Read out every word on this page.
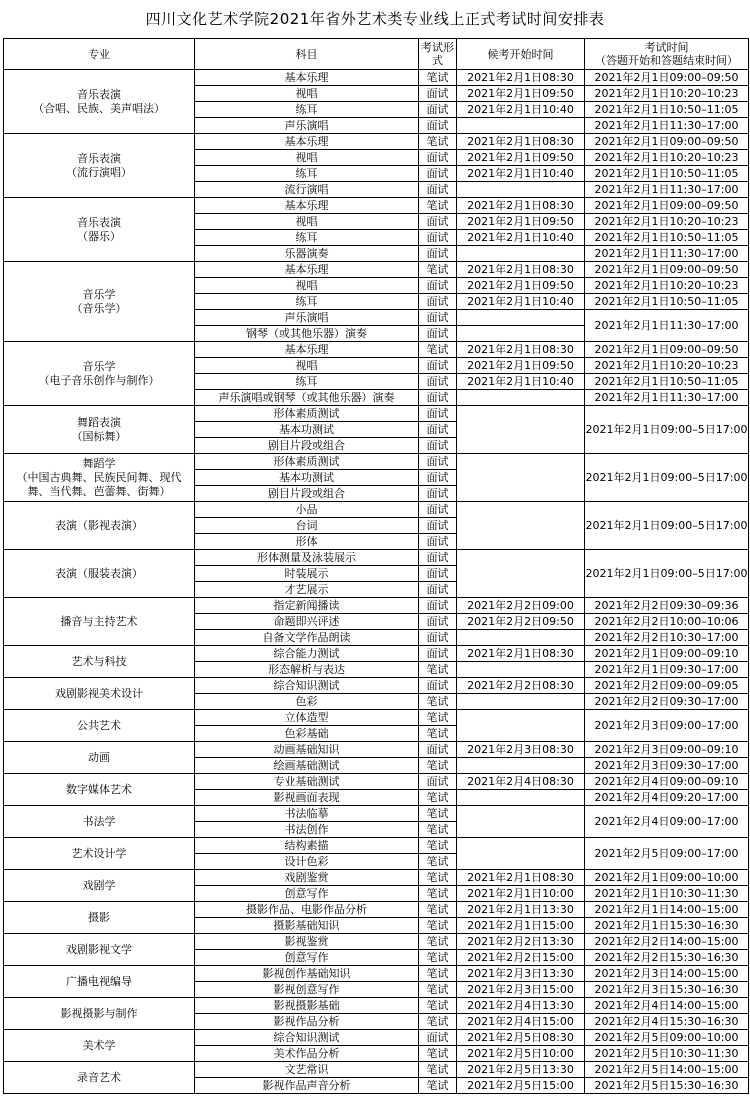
四川文化艺术学院2021年省外艺术类专业线上正式考试时间安排表
专业	科目	考试形式	候考开始时间	考试时间
（答题开始和答题结束时间）

音乐表演
（合唱、民族、美声唱法）	基本乐理	笔试	2021年2月1日08:30	2021年2月1日09:00–09:50
	视唱	面试	2021年2月1日09:50	2021年2月1日10:20–10:23
	练耳	面试	2021年2月1日10:40	2021年2月1日10:50–11:05
	声乐演唱	面试		2021年2月1日11:30–17:00

音乐表演
（流行演唱）	基本乐理	笔试	2021年2月1日08:30	2021年2月1日09:00–09:50
	视唱	面试	2021年2月1日09:50	2021年2月1日10:20–10:23
	练耳	面试	2021年2月1日10:40	2021年2月1日10:50–11:05
	流行演唱	面试		2021年2月1日11:30–17:00

音乐表演
（器乐）	基本乐理	笔试	2021年2月1日08:30	2021年2月1日09:00–09:50
	视唱	面试	2021年2月1日09:50	2021年2月1日10:20–10:23
	练耳	面试	2021年2月1日10:40	2021年2月1日10:50–11:05
	乐器演奏	面试		2021年2月1日11:30–17:00

音乐学
（音乐学）	基本乐理	笔试	2021年2月1日08:30	2021年2月1日09:00–09:50
	视唱	面试	2021年2月1日09:50	2021年2月1日10:20–10:23
	练耳	面试	2021年2月1日10:40	2021年2月1日10:50–11:05
	声乐演唱	面试		2021年2月1日11:30–17:00
	钢琴（或其他乐器）演奏	面试		

音乐学
（电子音乐创作与制作）	基本乐理	笔试	2021年2月1日08:30	2021年2月1日09:00–09:50
	视唱	面试	2021年2月1日09:50	2021年2月1日10:20–10:23
	练耳	面试	2021年2月1日10:40	2021年2月1日10:50–11:05
	声乐演唱或钢琴（或其他乐器）演奏	面试		2021年2月1日11:30–17:00

舞蹈表演
（国标舞）	形体素质测试	面试		2021年2月1日09:00–5日17:00
	基本功测试	面试		
	剧目片段或组合	面试		

舞蹈学
（中国古典舞、民族民间舞、现代
舞、当代舞、芭蕾舞、街舞）	形体素质测试	面试		2021年2月1日09:00–5日17:00
	基本功测试	面试		
	剧目片段或组合	面试		

表演（影视表演）	小品	面试		2021年2月1日09:00–5日17:00
	台词	面试		
	形体	面试		

表演（服装表演）	形体测量及泳装展示	面试		2021年2月1日09:00–5日17:00
	时装展示	面试		
	才艺展示	面试		

播音与主持艺术	指定新闻播读	面试	2021年2月2日09:00	2021年2月2日09:30–09:36
	命题即兴评述	面试	2021年2月2日09:50	2021年2月2日10:00–10:06
	自备文学作品朗读	面试		2021年2月2日10:30–17:00

艺术与科技	综合能力测试	面试	2021年2月1日08:30	2021年2月1日09:00–09:10
	形态解析与表达	笔试		2021年2月1日09:30–17:00

戏剧影视美术设计	综合知识测试	面试	2021年2月2日08:30	2021年2月2日09:00–09:05
	色彩	笔试		2021年2月2日09:30–17:00

公共艺术	立体造型	笔试		2021年2月3日09:00–17:00
	色彩基础	笔试		

动画	动画基础知识	面试	2021年2月3日08:30	2021年2月3日09:00–09:10
	绘画基础测试	笔试		2021年2月3日09:30–17:00

数字媒体艺术	专业基础测试	面试	2021年2月4日08:30	2021年2月4日09:00–09:10
	影视画面表现	笔试		2021年2月4日09:20–17:00

书法学	书法临摹	笔试		2021年2月4日09:00–17:00
	书法创作	笔试		

艺术设计学	结构素描	笔试		2021年2月5日09:00–17:00
	设计色彩	笔试		

戏剧学	戏剧鉴赏	笔试	2021年2月1日08:30	2021年2月1日09:00–10:00
	创意写作	笔试	2021年2月1日10:00	2021年2月1日10:30–11:30

摄影	摄影作品、电影作品分析	笔试	2021年2月1日13:30	2021年2月1日14:00–15:00
	摄影基础知识	笔试	2021年2月1日15:00	2021年2月1日15:30–16:30

戏剧影视文学	影视鉴赏	笔试	2021年2月2日13:30	2021年2月2日14:00–15:00
	创意写作	笔试	2021年2月2日15:00	2021年2月2日15:30–16:30

广播电视编导	影视创作基础知识	笔试	2021年2月3日13:30	2021年2月3日14:00–15:00
	影视创意写作	笔试	2021年2月3日15:00	2021年2月3日15:30–16:30

影视摄影与制作	影视摄影基础	笔试	2021年2月4日13:30	2021年2月4日14:00–15:00
	影视作品分析	笔试	2021年2月4日15:00	2021年2月4日15:30–16:30

美术学	综合知识测试	面试	2021年2月5日08:30	2021年2月5日09:00–10:00
	美术作品分析	笔试	2021年2月5日10:00	2021年2月5日10:30–11:30

录音艺术	文艺常识	笔试	2021年2月5日13:30	2021年2月5日14:00–15:00
	影视作品声音分析	笔试	2021年2月5日15:00	2021年2月5日15:30–16:30
